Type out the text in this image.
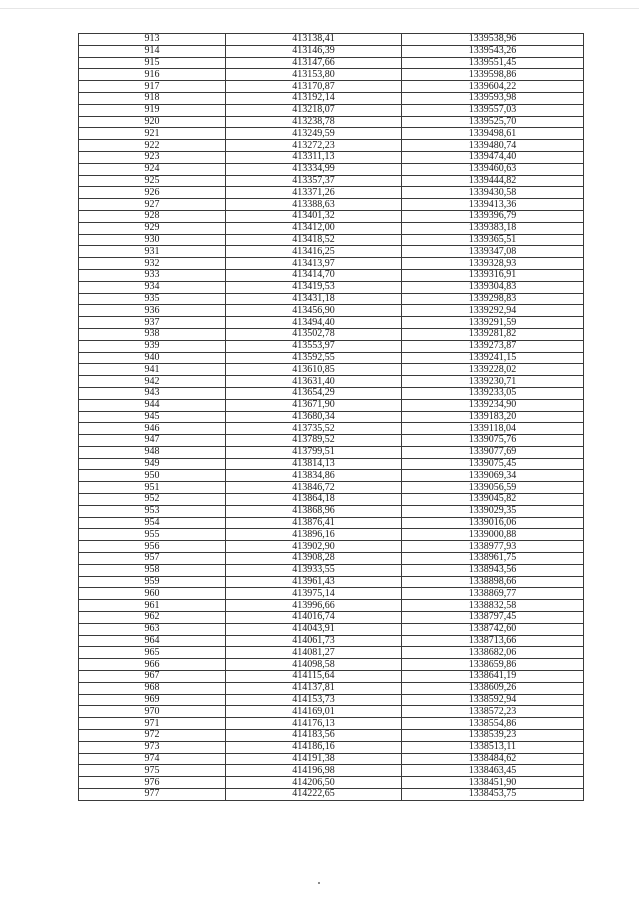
913	413138,41	1339538,96
914	413146,39	1339543,26
915	413147,66	1339551,45
916	413153,80	1339598,86
917	413170,87	1339604,22
918	413192,14	1339593,98
919	413218,07	1339557,03
920	413238,78	1339525,70
921	413249,59	1339498,61
922	413272,23	1339480,74
923	413311,13	1339474,40
924	413334,99	1339460,63
925	413357,37	1339444,82
926	413371,26	1339430,58
927	413388,63	1339413,36
928	413401,32	1339396,79
929	413412,00	1339383,18
930	413418,52	1339365,51
931	413416,25	1339347,08
932	413413,97	1339328,93
933	413414,70	1339316,91
934	413419,53	1339304,83
935	413431,18	1339298,83
936	413456,90	1339292,94
937	413494,40	1339291,59
938	413502,78	1339281,82
939	413553,97	1339273,87
940	413592,55	1339241,15
941	413610,85	1339228,02
942	413631,40	1339230,71
943	413654,29	1339233,05
944	413671,90	1339234,90
945	413680,34	1339183,20
946	413735,52	1339118,04
947	413789,52	1339075,76
948	413799,51	1339077,69
949	413814,13	1339075,45
950	413834,86	1339069,34
951	413846,72	1339056,59
952	413864,18	1339045,82
953	413868,96	1339029,35
954	413876,41	1339016,06
955	413896,16	1339000,88
956	413902,90	1338977,93
957	413908,28	1338961,75
958	413933,55	1338943,56
959	413961,43	1338898,66
960	413975,14	1338869,77
961	413996,66	1338832,58
962	414016,74	1338797,45
963	414043,91	1338742,60
964	414061,73	1338713,66
965	414081,27	1338682,06
966	414098,58	1338659,86
967	414115,64	1338641,19
968	414137,81	1338609,26
969	414153,73	1338592,94
970	414169,01	1338572,23
971	414176,13	1338554,86
972	414183,56	1338539,23
973	414186,16	1338513,11
974	414191,38	1338484,62
975	414196,98	1338463,45
976	414206,50	1338451,90
977	414222,65	1338453,75
